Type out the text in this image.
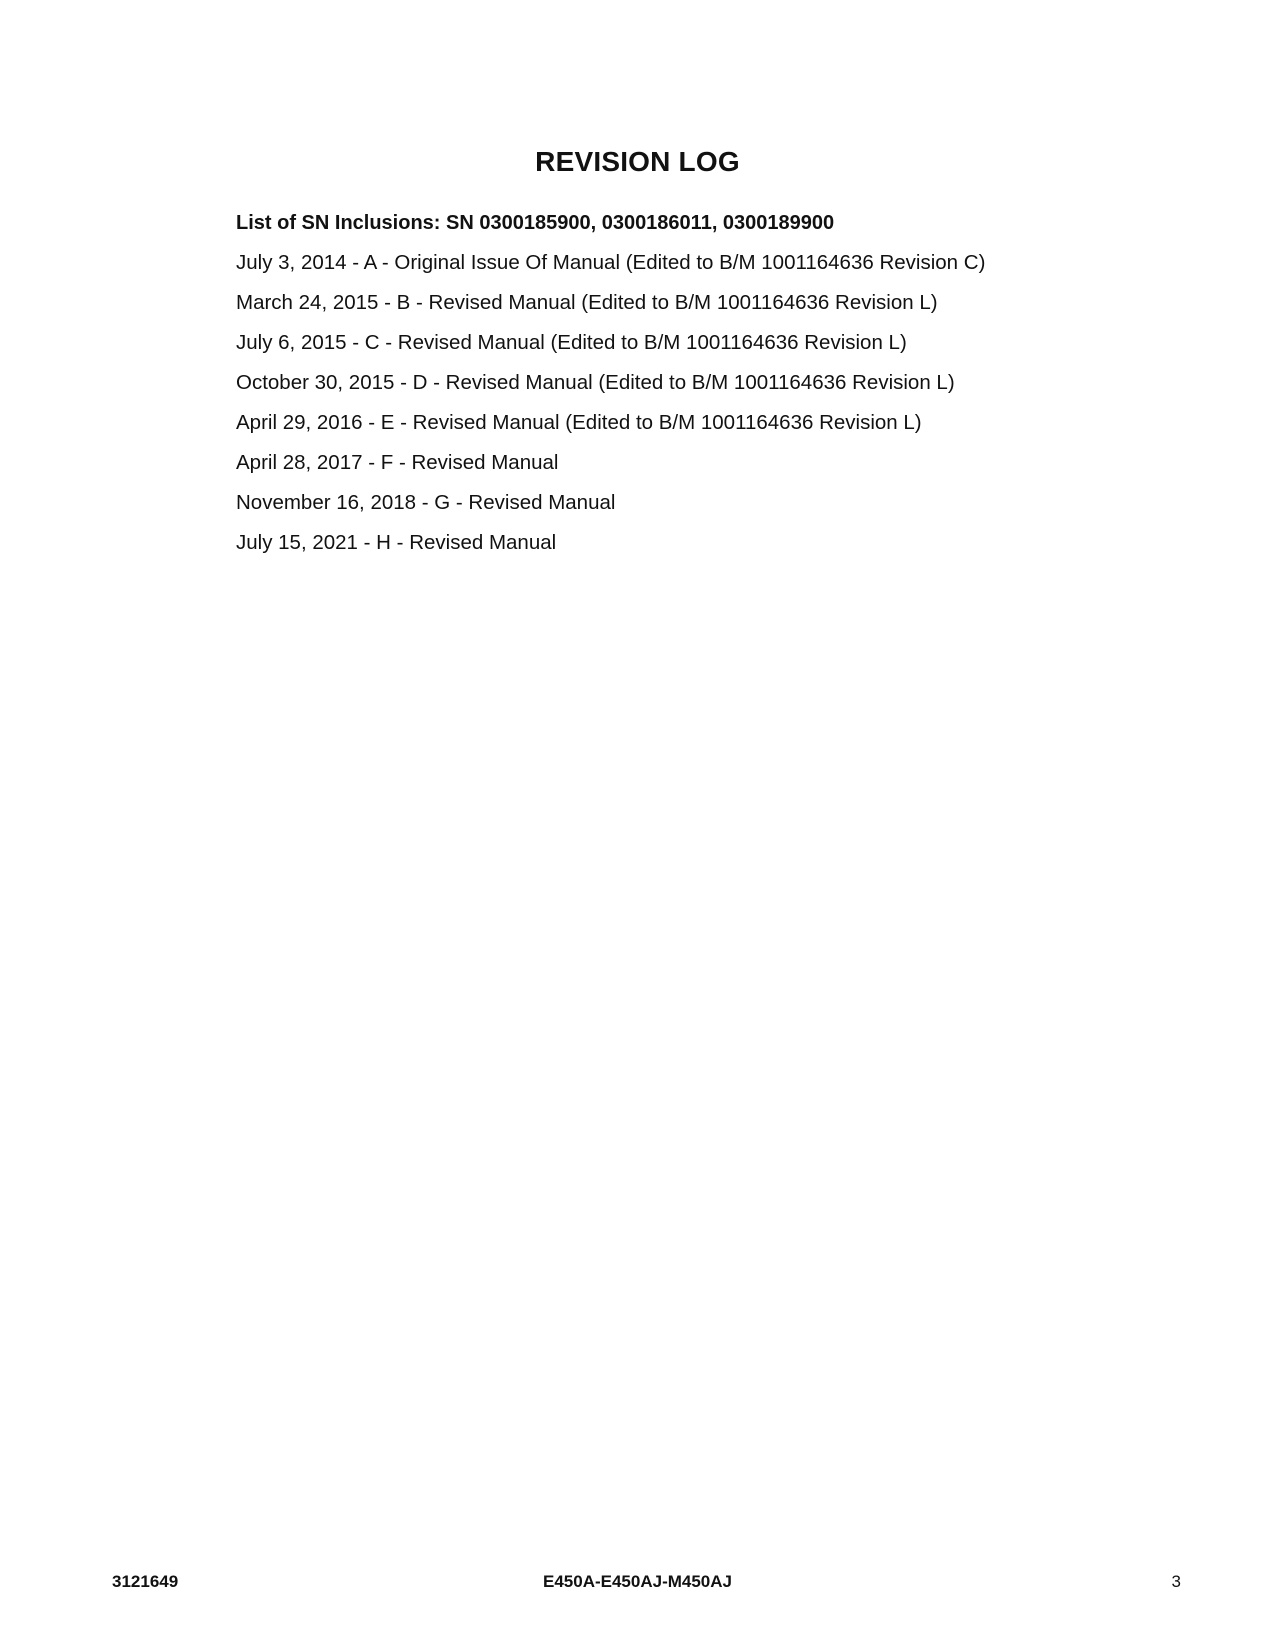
REVISION LOG

List of SN Inclusions: SN 0300185900, 0300186011, 0300189900

July 3, 2014 - A - Original Issue Of Manual (Edited to B/M 1001164636 Revision C)
March 24, 2015 - B - Revised Manual (Edited to B/M 1001164636 Revision L)
July 6, 2015 - C - Revised Manual (Edited to B/M 1001164636 Revision L)
October 30, 2015 - D - Revised Manual (Edited to B/M 1001164636 Revision L)
April 29, 2016 - E - Revised Manual (Edited to B/M 1001164636 Revision L)
April 28, 2017 - F - Revised Manual
November 16, 2018 - G - Revised Manual
July 15, 2021 - H - Revised Manual
3121649	E450A-E450AJ-M450AJ	3
